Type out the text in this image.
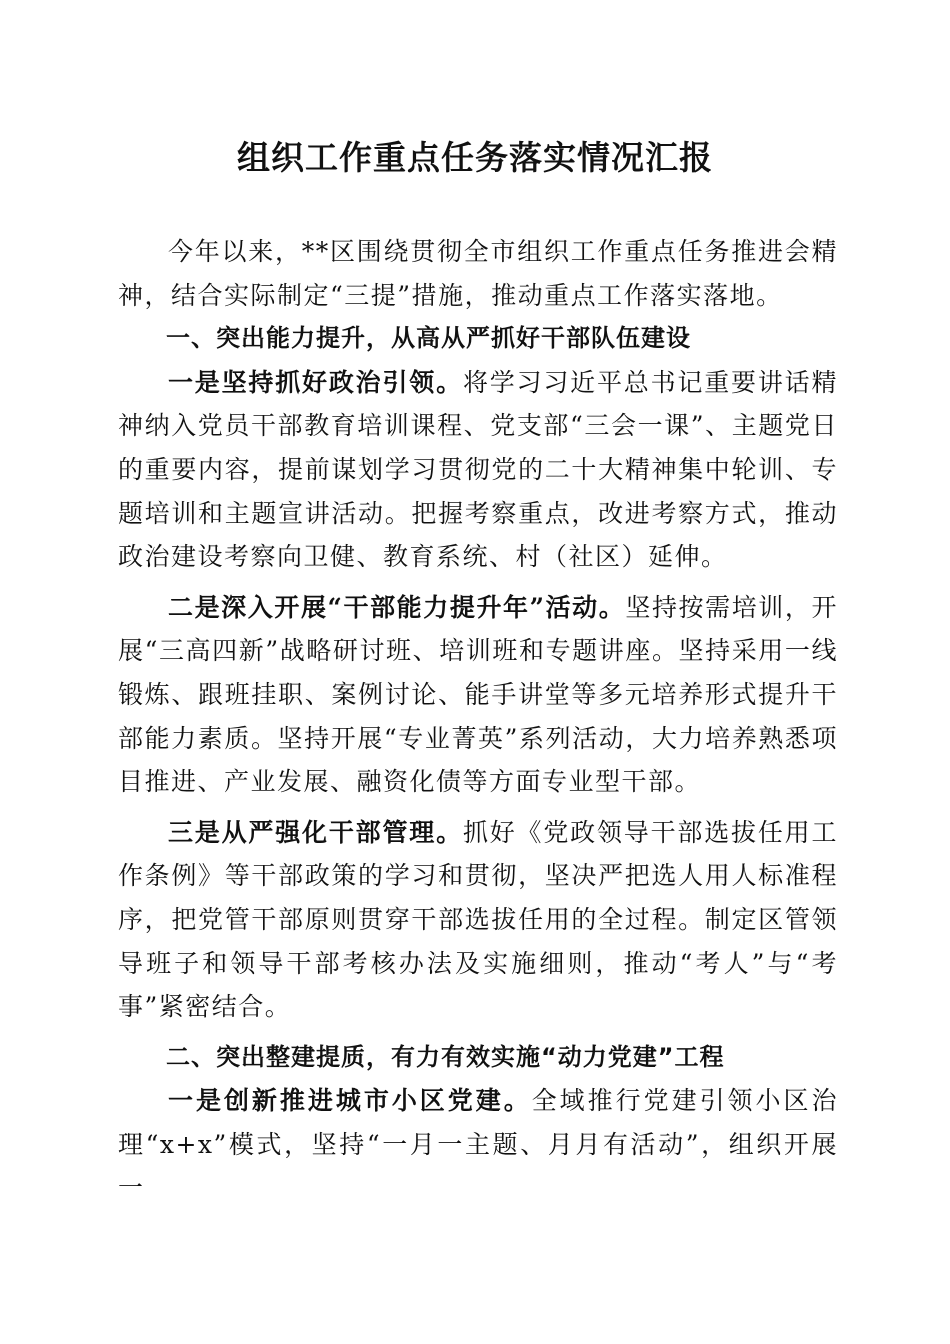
组织工作重点任务落实情况汇报

今年以来，**区围绕贯彻全市组织工作重点任务推进会精神，结合实际制定“三提”措施，推动重点工作落实落地。

一、突出能力提升，从高从严抓好干部队伍建设

一是坚持抓好政治引领。将学习习近平总书记重要讲话精神纳入党员干部教育培训课程、党支部“三会一课”、主题党日的重要内容，提前谋划学习贯彻党的二十大精神集中轮训、专题培训和主题宣讲活动。把握考察重点，改进考察方式，推动政治建设考察向卫健、教育系统、村（社区）延伸。

二是深入开展“干部能力提升年”活动。坚持按需培训，开展“三高四新”战略研讨班、培训班和专题讲座。坚持采用一线锻炼、跟班挂职、案例讨论、能手讲堂等多元培养形式提升干部能力素质。坚持开展“专业菁英”系列活动，大力培养熟悉项目推进、产业发展、融资化债等方面专业型干部。

三是从严强化干部管理。抓好《党政领导干部选拔任用工作条例》等干部政策的学习和贯彻，坚决严把选人用人标准程序，把党管干部原则贯穿干部选拔任用的全过程。制定区管领导班子和领导干部考核办法及实施细则，推动“考人”与“考事”紧密结合。

二、突出整建提质，有力有效实施“动力党建”工程

一是创新推进城市小区党建。全域推行党建引领小区治理“x+x”模式，坚持“一月一主题、月月有活动”，组织开展一
